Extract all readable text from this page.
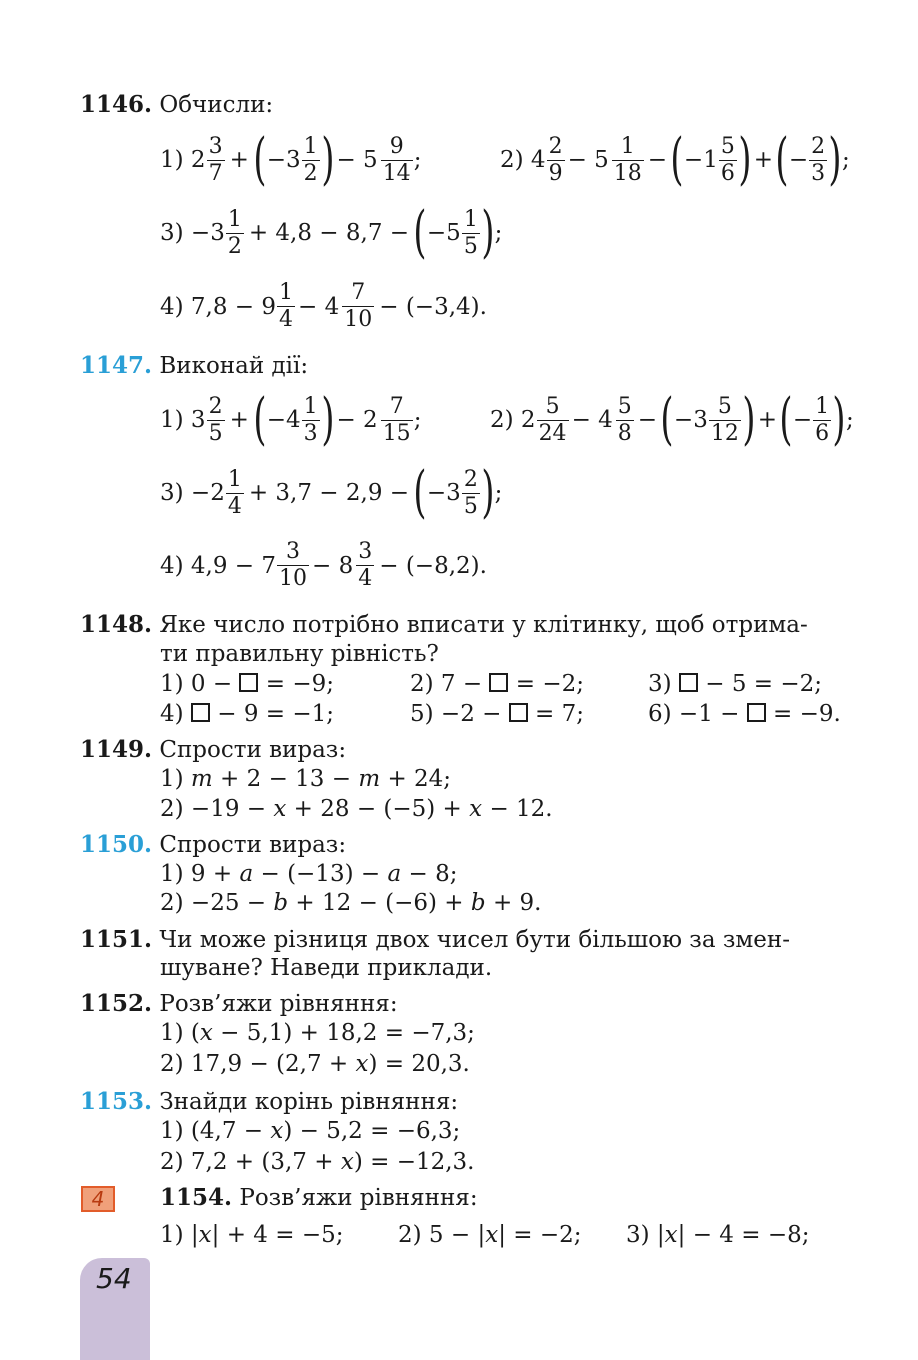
1146. Обчисли:
1) $2 \frac{3}{7}$ + ( $-3 \frac{1}{2}$ ) − $5 \frac{9}{14}$ ;	2) $4 \frac{2}{9} - 5 \frac{1}{18}$ − ( $-1 \frac{5}{6}$ ) + ( − $\frac{2}{3}$ ) ;
$3) -3 \frac{1}{2} + 4,8 - 8,7$ − ( $-5 \frac{1}{5}$ ) ;
4) $7,8 - 9 \frac{1}{4} - 4 \frac{7}{10} - (-3,4)$.
1147. Виконай дії:
1) $3 \frac{2}{5}$ + ( $-4 \frac{1}{3}$ ) − $2 \frac{7}{15}$ ;	2) $2 \frac{5}{24} - 4 \frac{5}{8}$ − ( $-3 \frac{5}{12}$ ) + ( − $\frac{1}{6}$ ) ;
$3) -2 \frac{1}{4} + 3,7 - 2,9$ − ( $-3 \frac{2}{5}$ ) ;
4) $4,9 - 7 \frac{3}{10} - 8 \frac{3}{4} - (-8,2)$.
1148. Яке число потрібно вписати у клітинку, щоб отрима-
ти правильну рівність?
1) 0 − = −9;	2) 7 − = −2;	3) − 5 = −2;
4) − 9 = −1;	5) −2 − = 7;	6) −1 − = −9.
1149. Спрости вираз:
1) m + 2 − 13 − m + 24;
2) −19 − x + 28 − (−5) + x − 12.
1150. Спрости вираз:
1) 9 + a − (−13) − a − 8;
2) −25 − b + 12 − (−6) + b + 9.
1151. Чи може різниця двох чисел бути більшою за змен-
шуване? Наведи приклади.
1152. Розв’яжи рівняння:
1) (x − 5,1) + 18,2 = −7,3;
2) 17,9 − (2,7 + x) = 20,3.
1153. Знайди корінь рівняння:
1) (4,7 − x) − 5,2 = −6,3;
2) 7,2 + (3,7 + x) = −12,3.
4	1154. Розв’яжи рівняння:
1) |x| + 4 = −5; 2) 5 − |x| = −2; 3) |x| − 4 = −8;
54
